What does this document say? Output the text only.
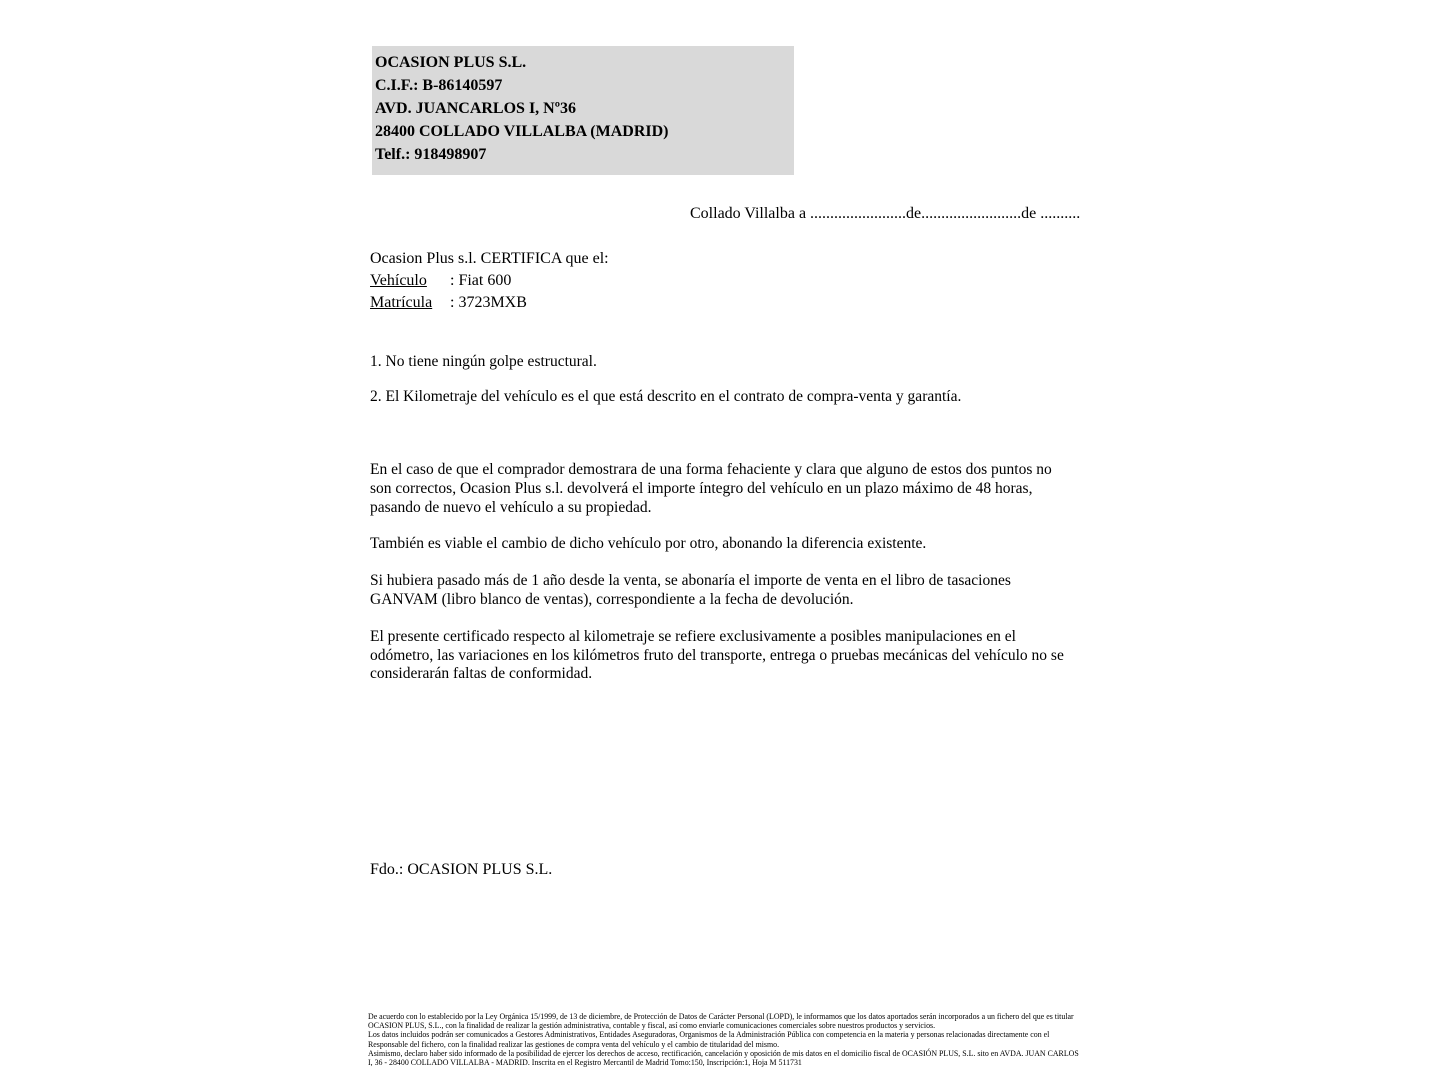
OCASION PLUS S.L.

C.I.F.: B-86140597

AVD. JUANCARLOS I, Nº36

28400 COLLADO VILLALBA (MADRID)

Telf.: 918498907

Collado Villalba a ........................de.........................de ..........

Ocasion Plus s.l. CERTIFICA que el:

Vehículo : Fiat 600

Matrícula : 3723MXB

1. No tiene ningún golpe estructural.

2. El Kilometraje del vehículo es el que está descrito en el contrato de compra-venta y garantía.

En el caso de que el comprador demostrara de una forma fehaciente y clara que alguno de estos dos puntos no son correctos, Ocasion Plus s.l. devolverá el importe íntegro del vehículo en un plazo máximo de 48 horas, pasando de nuevo el vehículo a su propiedad.

También es viable el cambio de dicho vehículo por otro, abonando la diferencia existente.

Si hubiera pasado más de 1 año desde la venta, se abonaría el importe de venta en el libro de tasaciones GANVAM (libro blanco de ventas), correspondiente a la fecha de devolución.

El presente certificado respecto al kilometraje se refiere exclusivamente a posibles manipulaciones en el odómetro, las variaciones en los kilómetros fruto del transporte, entrega o pruebas mecánicas del vehículo no se considerarán faltas de conformidad.

Fdo.: OCASION PLUS S.L.

De acuerdo con lo establecido por la Ley Orgánica 15/1999, de 13 de diciembre, de Protección de Datos de Carácter Personal (LOPD), le informamos que los datos aportados serán incorporados a un fichero del que es titular OCASION PLUS, S.L., con la finalidad de realizar la gestión administrativa, contable y fiscal, así como enviarle comunicaciones comerciales sobre nuestros productos y servicios.

Los datos incluidos podrán ser comunicados a Gestores Administrativos, Entidades Aseguradoras, Organismos de la Administración Pública con competencia en la materia y personas relacionadas directamente con el Responsable del fichero, con la finalidad realizar las gestiones de compra venta del vehículo y el cambio de titularidad del mismo.

Asimismo, declaro haber sido informado de la posibilidad de ejercer los derechos de acceso, rectificación, cancelación y oposición de mis datos en el domicilio fiscal de OCASIÓN PLUS, S.L. sito en AVDA. JUAN CARLOS I, 36 - 28400 COLLADO VILLALBA - MADRID. Inscrita en el Registro Mercantil de Madrid Tomo:150, Inscripción:1, Hoja M 511731
